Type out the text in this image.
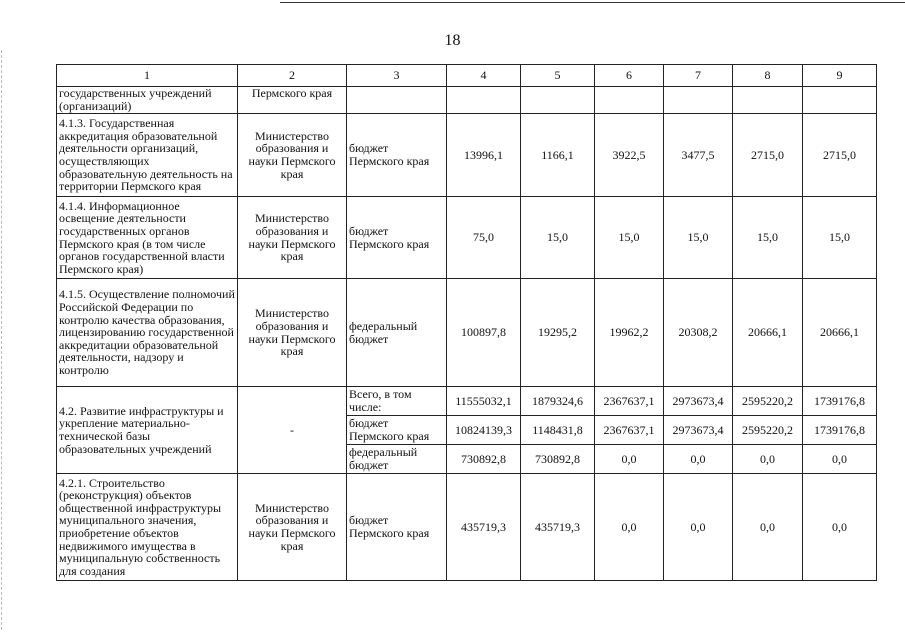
18
1	2	3	4	5	6	7	8	9
государственных учреждений (организаций)	Пермского края							
4.1.3. Государственная аккредитация образовательной деятельности организаций, осуществляющих образовательную деятельность на территории Пермского края	Министерство образования и науки Пермского края	бюджет Пермского края	13996,1	1166,1	3922,5	3477,5	2715,0	2715,0
4.1.4. Информационное освещение деятельности государственных органов Пермского края (в том числе органов государственной власти Пермского края)	Министерство образования и науки Пермского края	бюджет Пермского края	75,0	15,0	15,0	15,0	15,0	15,0
4.1.5. Осуществление полномочий Российской Федерации по контролю качества образования, лицензированию государственной аккредитации образовательной деятельности, надзору и контролю	Министерство образования и науки Пермского края	федеральный бюджет	100897,8	19295,2	19962,2	20308,2	20666,1	20666,1
4.2. Развитие инфраструктуры и укрепление материально-технической базы образовательных учреждений	-	Всего, в том числе:	11555032,1	1879324,6	2367637,1	2973673,4	2595220,2	1739176,8
		бюджет Пермского края	10824139,3	1148431,8	2367637,1	2973673,4	2595220,2	1739176,8
		федеральный бюджет	730892,8	730892,8	0,0	0,0	0,0	0,0
4.2.1. Строительство (реконструкция) объектов общественной инфраструктуры муниципального значения, приобретение объектов недвижимого имущества в муниципальную собственность для создания	Министерство образования и науки Пермского края	бюджет Пермского края	435719,3	435719,3	0,0	0,0	0,0	0,0
